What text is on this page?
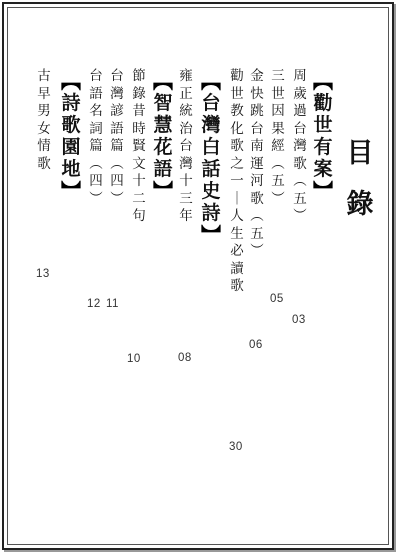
目
錄
︻
勸
世
有
案
︼
周
歲
過
台
灣
歌
︵
五
︶
三
世
因
果
經
︵
五
︶
金
快
跳
台
南
運
河
歌
︵
五
︶
勸
世
教
化
歌
之
一
｜
人
生
必
讀
歌
︻
台
灣
白
話
史
詩
︼
雍
正
統
治
台
灣
十
三
年
︻
智
慧
花
語
︼
節
錄
昔
時
賢
文
十
二
句
台
灣
諺
語
篇
︵
四
︶
台
語
名
詞
篇
︵
四
︶
︻
詩
歌
園
地
︼
古
早
男
女
情
歌
03
05
06
30
08
10
11
12
13
